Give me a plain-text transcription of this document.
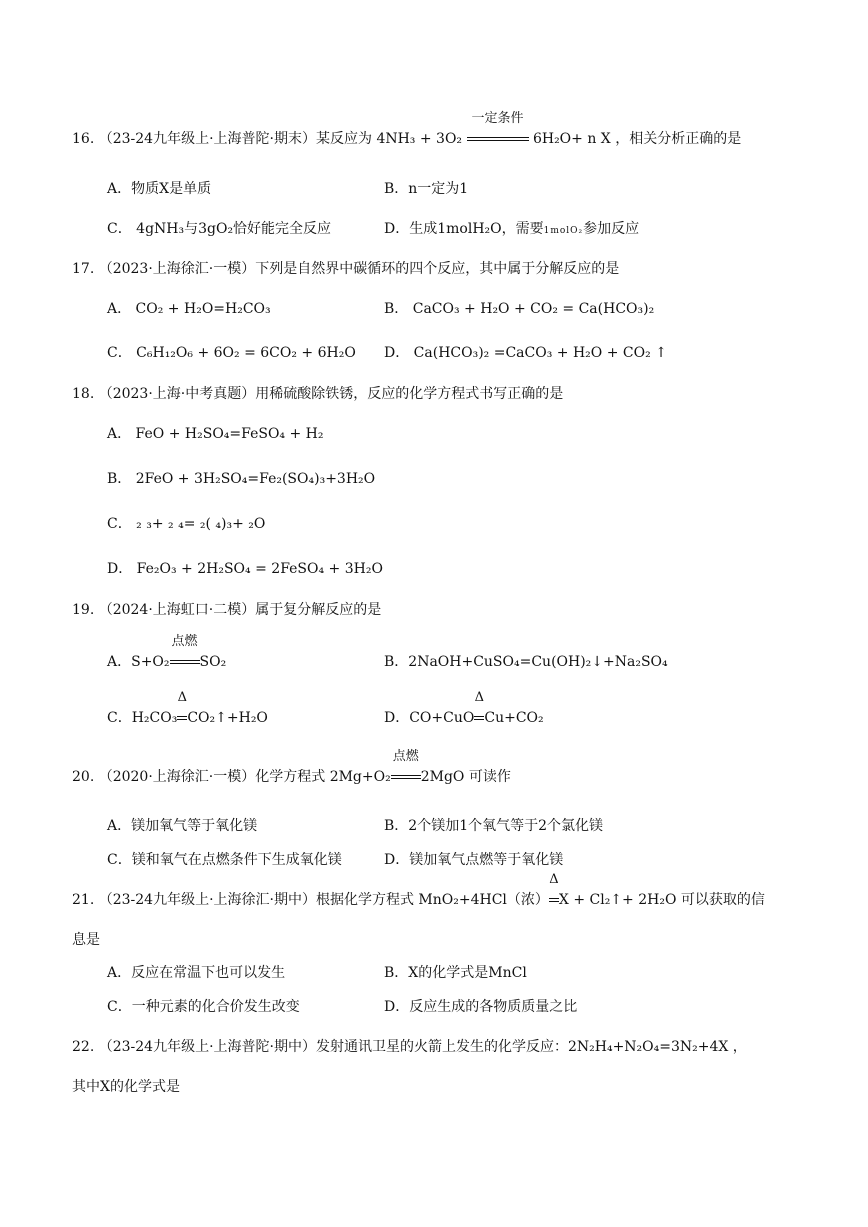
16. （23-24九年级上·上海普陀·期末）某反应为 4NH₃ + 3O₂
一定条件
6H₂O+ n X ，相关分析正确的是
A．物质X是单质	B．n一定为1
C． 4gNH₃与3gO₂恰好能完全反应	D．生成1molH₂O，需要1molO₂参加反应
17. （2023·上海徐汇·一模）下列是自然界中碳循环的四个反应，其中属于分解反应的是
A． CO₂ + H₂O=H₂CO₃	B． CaCO₃ + H₂O + CO₂ = Ca(HCO₃)₂
C． C₆H₁₂O₆ + 6O₂ = 6CO₂ + 6H₂O D． Ca(HCO₃)₂ =CaCO₃ + H₂O + CO₂ ↑
18. （2023·上海·中考真题）用稀硫酸除铁锈，反应的化学方程式书写正确的是
A． FeO + H₂SO₄=FeSO₄ + H₂
B． 2FeO + 3H₂SO₄=Fe₂(SO₄)₃+3H₂O
C． ₂ ₃+ ₂ ₄= ₂( ₄)₃+ ₂O
D． Fe₂O₃ + 2H₂SO₄ = 2FeSO₄ + 3H₂O
19. （2024·上海虹口·二模）属于复分解反应的是
A．S+O₂
点燃
SO₂	B．2NaOH+CuSO₄=Cu(OH)₂↓+Na₂SO₄
C．H₂CO₃
Δ
CO₂↑+H₂O	D．CO+CuO
Δ
Cu+CO₂
20. （2020·上海徐汇·一模）化学方程式 2Mg+O₂
点燃
2MgO 可读作
A．镁加氧气等于氧化镁	B．2个镁加1个氧气等于2个氯化镁
C．镁和氧气在点燃条件下生成氧化镁	D．镁加氧气点燃等于氧化镁
21. （23-24九年级上·上海徐汇·期中）根据化学方程式 MnO₂+4HCl（浓）
Δ
X + Cl₂↑+ 2H₂O 可以获取的信
息是
A．反应在常温下也可以发生	B．X的化学式是MnCl
C．一种元素的化合价发生改变	D．反应生成的各物质质量之比
22. （23-24九年级上·上海普陀·期中）发射通讯卫星的火箭上发生的化学反应：2N₂H₄+N₂O₄=3N₂+4X ，
其中X的化学式是
